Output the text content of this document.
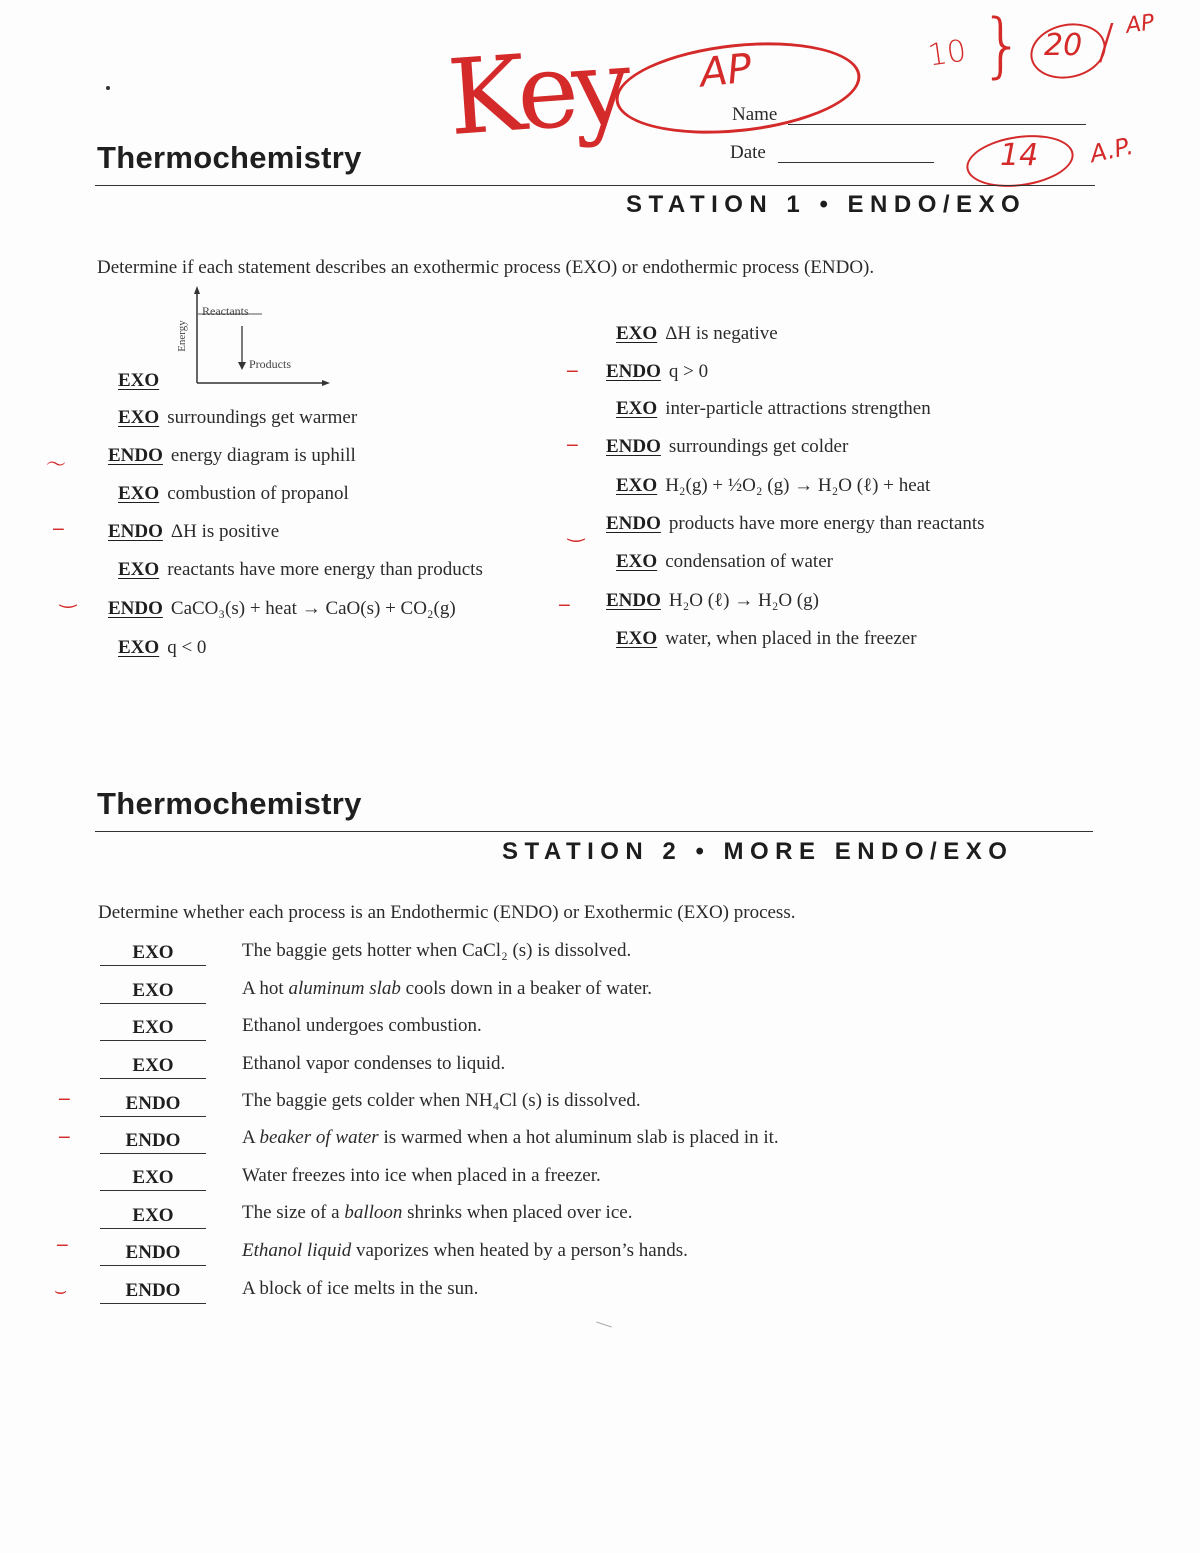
Key AP	10 } 20 / AP
14 A.P.
Name
Date
Thermochemistry
STATION 1 • ENDO/EXO
Determine if each statement describes an exothermic process (EXO) or endothermic process (ENDO).
Energy
Reactants
Products
EXO
EXO surroundings get warmer
ENDO energy diagram is uphill
EXO combustion of propanol
ENDO ΔH is positive
EXO reactants have more energy than products
ENDO CaCO₃(s) + heat → CaO(s) + CO₂(g)
EXO q < 0
EXO ΔH is negative
ENDO q > 0
EXO inter-particle attractions strengthen
ENDO surroundings get colder
EXO H₂(g) + ½O₂ (g) → H₂O (ℓ) + heat
ENDO products have more energy than reactants
EXO condensation of water
ENDO H₂O (ℓ) → H₂O (g)
EXO water, when placed in the freezer
〜
‒
‿
‒
‒
‿
‒
Thermochemistry
STATION 2 • MORE ENDO/EXO
Determine whether each process is an Endothermic (ENDO) or Exothermic (EXO) process.
EXO	The baggie gets hotter when CaCl₂ (s) is dissolved.
EXO	A hot aluminum slab cools down in a beaker of water.
EXO	Ethanol undergoes combustion.
EXO	Ethanol vapor condenses to liquid.
ENDO	The baggie gets colder when NH₄Cl (s) is dissolved.
ENDO	A beaker of water is warmed when a hot aluminum slab is placed in it.
EXO	Water freezes into ice when placed in a freezer.
EXO	The size of a balloon shrinks when placed over ice.
ENDO	Ethanol liquid vaporizes when heated by a person’s hands.
ENDO	A block of ice melts in the sun.
‒
‒
‒
⌣
